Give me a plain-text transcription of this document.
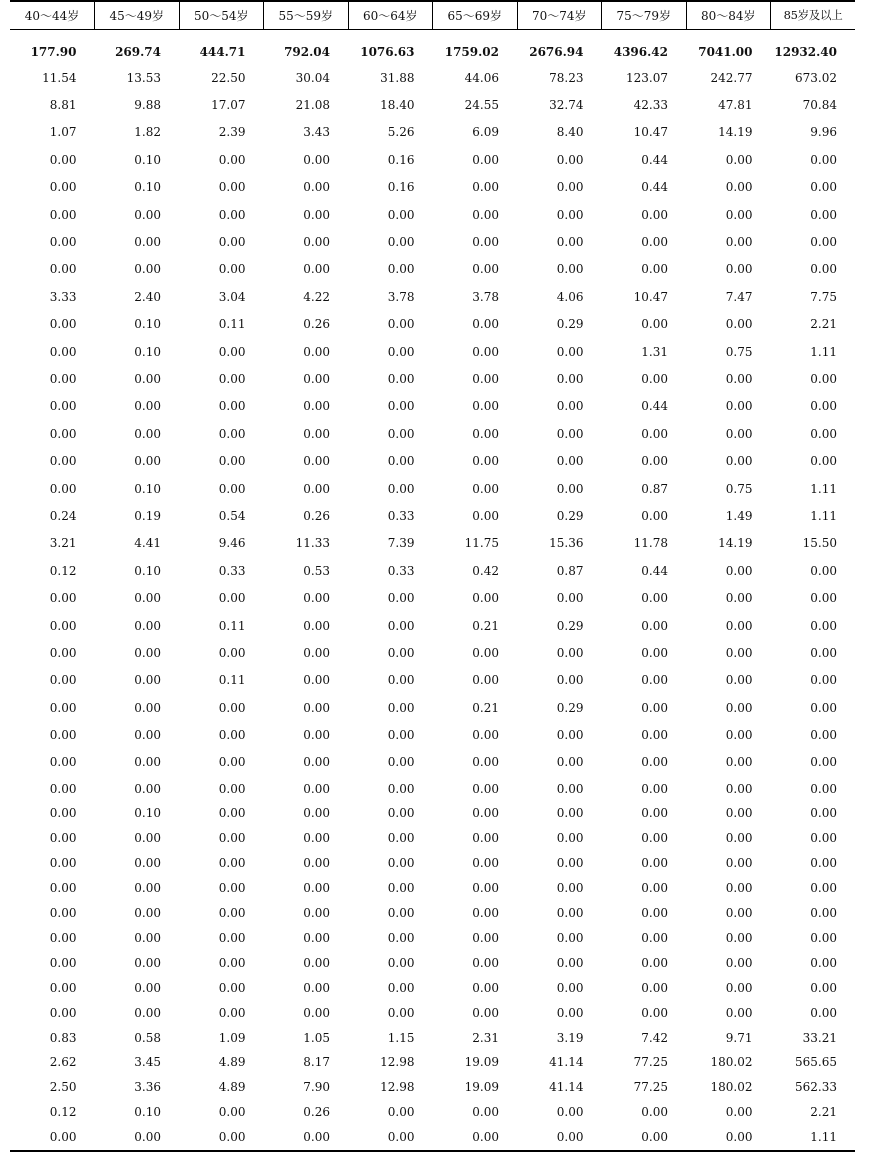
40～44岁	45～49岁	50～54岁	55～59岁	60～64岁	65～69岁	70～74岁	75～79岁	80～84岁	85岁及以上

177.90	269.74	444.71	792.04	1076.63	1759.02	2676.94	4396.42	7041.00	12932.40
11.54	13.53	22.50	30.04	31.88	44.06	78.23	123.07	242.77	673.02
8.81	9.88	17.07	21.08	18.40	24.55	32.74	42.33	47.81	70.84
1.07	1.82	2.39	3.43	5.26	6.09	8.40	10.47	14.19	9.96
0.00	0.10	0.00	0.00	0.16	0.00	0.00	0.44	0.00	0.00
0.00	0.10	0.00	0.00	0.16	0.00	0.00	0.44	0.00	0.00
0.00	0.00	0.00	0.00	0.00	0.00	0.00	0.00	0.00	0.00
0.00	0.00	0.00	0.00	0.00	0.00	0.00	0.00	0.00	0.00
0.00	0.00	0.00	0.00	0.00	0.00	0.00	0.00	0.00	0.00
3.33	2.40	3.04	4.22	3.78	3.78	4.06	10.47	7.47	7.75
0.00	0.10	0.11	0.26	0.00	0.00	0.29	0.00	0.00	2.21
0.00	0.10	0.00	0.00	0.00	0.00	0.00	1.31	0.75	1.11
0.00	0.00	0.00	0.00	0.00	0.00	0.00	0.00	0.00	0.00
0.00	0.00	0.00	0.00	0.00	0.00	0.00	0.44	0.00	0.00
0.00	0.00	0.00	0.00	0.00	0.00	0.00	0.00	0.00	0.00
0.00	0.00	0.00	0.00	0.00	0.00	0.00	0.00	0.00	0.00
0.00	0.10	0.00	0.00	0.00	0.00	0.00	0.87	0.75	1.11
0.24	0.19	0.54	0.26	0.33	0.00	0.29	0.00	1.49	1.11
3.21	4.41	9.46	11.33	7.39	11.75	15.36	11.78	14.19	15.50
0.12	0.10	0.33	0.53	0.33	0.42	0.87	0.44	0.00	0.00
0.00	0.00	0.00	0.00	0.00	0.00	0.00	0.00	0.00	0.00
0.00	0.00	0.11	0.00	0.00	0.21	0.29	0.00	0.00	0.00
0.00	0.00	0.00	0.00	0.00	0.00	0.00	0.00	0.00	0.00
0.00	0.00	0.11	0.00	0.00	0.00	0.00	0.00	0.00	0.00
0.00	0.00	0.00	0.00	0.00	0.21	0.29	0.00	0.00	0.00
0.00	0.00	0.00	0.00	0.00	0.00	0.00	0.00	0.00	0.00
0.00	0.00	0.00	0.00	0.00	0.00	0.00	0.00	0.00	0.00
0.00	0.00	0.00	0.00	0.00	0.00	0.00	0.00	0.00	0.00
0.00	0.10	0.00	0.00	0.00	0.00	0.00	0.00	0.00	0.00
0.00	0.00	0.00	0.00	0.00	0.00	0.00	0.00	0.00	0.00
0.00	0.00	0.00	0.00	0.00	0.00	0.00	0.00	0.00	0.00
0.00	0.00	0.00	0.00	0.00	0.00	0.00	0.00	0.00	0.00
0.00	0.00	0.00	0.00	0.00	0.00	0.00	0.00	0.00	0.00
0.00	0.00	0.00	0.00	0.00	0.00	0.00	0.00	0.00	0.00
0.00	0.00	0.00	0.00	0.00	0.00	0.00	0.00	0.00	0.00
0.00	0.00	0.00	0.00	0.00	0.00	0.00	0.00	0.00	0.00
0.00	0.00	0.00	0.00	0.00	0.00	0.00	0.00	0.00	0.00
0.83	0.58	1.09	1.05	1.15	2.31	3.19	7.42	9.71	33.21
2.62	3.45	4.89	8.17	12.98	19.09	41.14	77.25	180.02	565.65
2.50	3.36	4.89	7.90	12.98	19.09	41.14	77.25	180.02	562.33
0.12	0.10	0.00	0.26	0.00	0.00	0.00	0.00	0.00	2.21
0.00	0.00	0.00	0.00	0.00	0.00	0.00	0.00	0.00	1.11
